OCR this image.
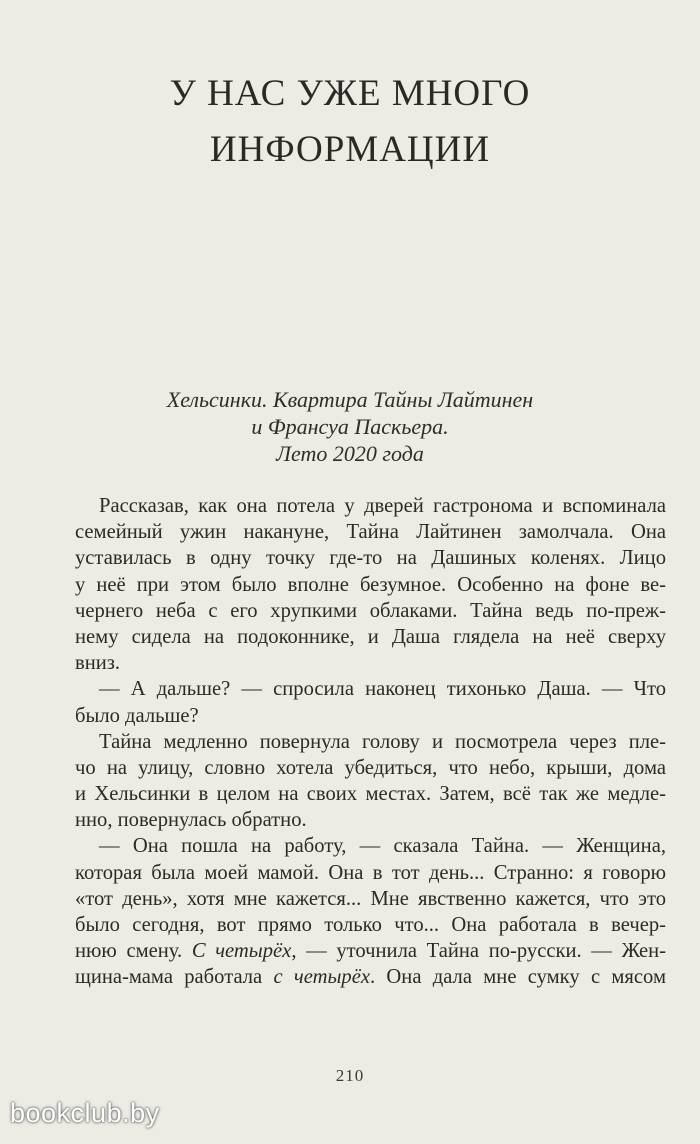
У НАС УЖЕ МНОГО
ИНФОРМАЦИИ
Хельсинки. Квартира Тайны Лайтинен
и Франсуа Паскьера.
Лето 2020 года
Рассказав, как она потела у дверей гастронома и вспоминала
семейный ужин накануне, Тайна Лайтинен замолчала. Она
уставилась в одну точку где-то на Дашиных коленях. Лицо
у неё при этом было вполне безумное. Особенно на фоне ве-
чернего неба с его хрупкими облаками. Тайна ведь по-преж-
нему сидела на подоконнике, и Даша глядела на неё сверху
вниз.
— А дальше? — спросила наконец тихонько Даша. — Что
было дальше?
Тайна медленно повернула голову и посмотрела через пле-
чо на улицу, словно хотела убедиться, что небо, крыши, дома
и Хельсинки в целом на своих местах. Затем, всё так же медле-
нно, повернулась обратно.
— Она пошла на работу, — сказала Тайна. — Женщина,
которая была моей мамой. Она в тот день... Странно: я говорю
«тот день», хотя мне кажется... Мне явственно кажется, что это
было сегодня, вот прямо только что... Она работала в вечер-
нюю смену. С четырёх, — уточнила Тайна по-русски. — Жен-
щина-мама работала с четырёх. Она дала мне сумку с мясом
210
bookclub.by
